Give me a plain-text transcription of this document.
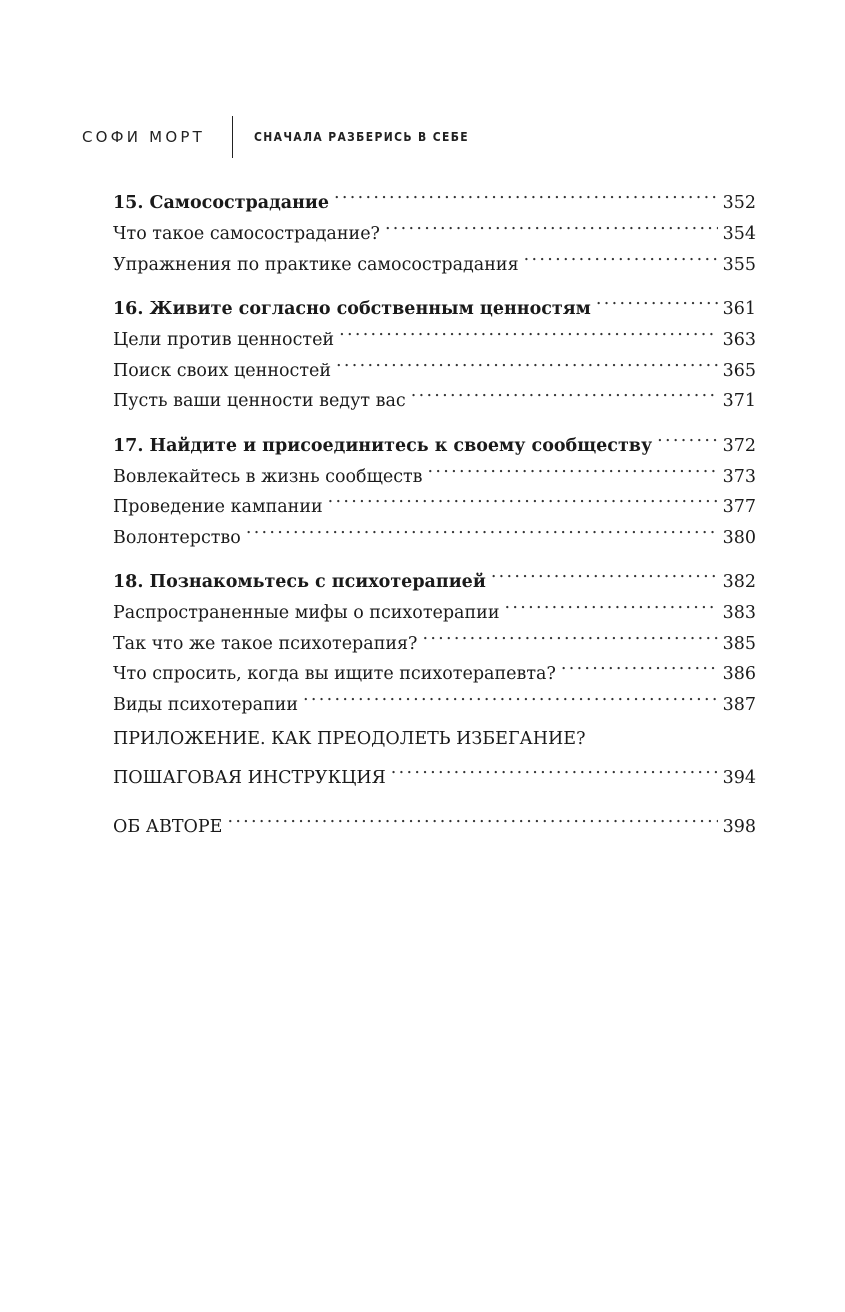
СОФИ МОРТ	СНАЧАЛА РАЗБЕРИСЬ В СЕБЕ
15. Самосострадание .....	352
Что такое самосострадание? .....	354
Упражнения по практике самосострадания .....	355
16. Живите согласно собственным ценностям .....	361
Цели против ценностей .....	363
Поиск своих ценностей .....	365
Пусть ваши ценности ведут вас .....	371
17. Найдите и присоединитесь к своему сообществу .....	372
Вовлекайтесь в жизнь сообществ .....	373
Проведение кампании .....	377
Волонтерство .....	380
18. Познакомьтесь с психотерапией .....	382
Распространенные мифы о психотерапии .....	383
Так что же такое психотерапия? .....	385
Что спросить, когда вы ищите психотерапевта? .....	386
Виды психотерапии .....	387
ПРИЛОЖЕНИЕ. КАК ПРЕОДОЛЕТЬ ИЗБЕГАНИЕ?
ПОШАГОВАЯ ИНСТРУКЦИЯ .....	394
ОБ АВТОРЕ .....	398
